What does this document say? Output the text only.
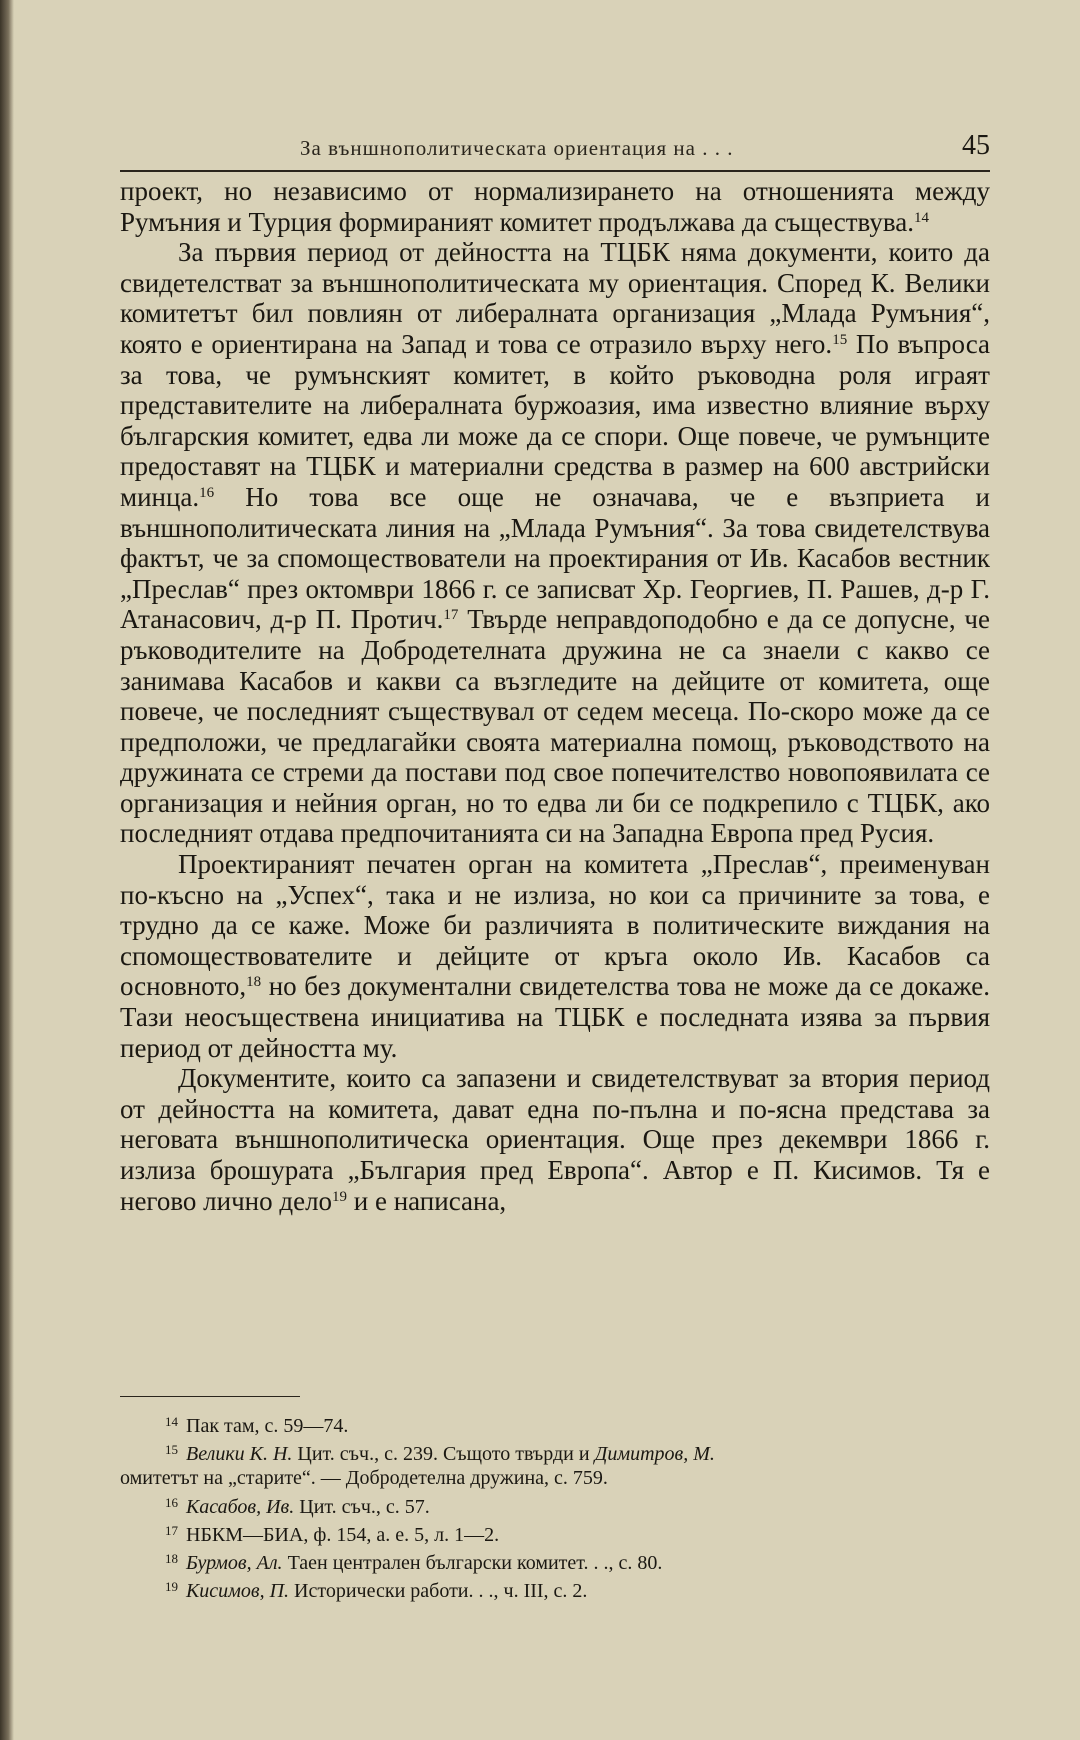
За външнополитическата ориентация на . . .	45

проект, но независимо от нормализирането на отношенията между Румъния и Турция формираният комитет продължава да съществува.$^{14}$

За първия период от дейността на ТЦБК няма документи, които да свидетелстват за външнополитическата му ориентация. Според К. Велики комитетът бил повлиян от либералната организация „Млада Румъния“, която е ориентирана на Запад и това се отразило върху него.$^{15}$ По въпроса за това, че румънският комитет, в който ръководна роля играят представителите на либералната буржоазия, има известно влияние върху българския комитет, едва ли може да се спори. Още повече, че румънците предоставят на ТЦБК и материални средства в размер на 600 австрийски минца.$^{16}$ Но това все още не означава, че е възприета и външнополитическата линия на „Млада Румъния“. За това свидетелствува фактът, че за спомоществователи на проектирания от Ив. Касабов вестник „Преслав“ през октомври 1866 г. се записват Хр. Георгиев, П. Рашев, д-р Г. Атанасович, д-р П. Протич.$^{17}$ Твърде неправдоподобно е да се допусне, че ръководителите на Добродетелната дружина не са знаели с какво се занимава Касабов и какви са възгледите на дейците от комитета, още повече, че последният съществувал от седем месеца. По-скоро може да се предположи, че предлагайки своята материална помощ, ръководството на дружината се стреми да постави под свое попечителство новопоявилата се организация и нейния орган, но то едва ли би се подкрепило с ТЦБК, ако последният отдава предпочитанията си на Западна Европа пред Русия.

Проектираният печатен орган на комитета „Преслав“, преименуван по-късно на „Успех“, така и не излиза, но кои са причините за това, е трудно да се каже. Може би различията в политическите виждания на спомоществователите и дейците от кръга около Ив. Касабов са основното,$^{18}$ но без документални свидетелства това не може да се докаже. Тази неосъществена инициатива на ТЦБК е последната изява за първия период от дейността му.

Документите, които са запазени и свидетелствуват за втория период от дейността на комитета, дават една по-пълна и по-ясна представа за неговата външнополитическа ориентация. Още през декември 1866 г. излиза брошурата „България пред Европа“. Автор е П. Кисимов. Тя е негово лично дело$^{19}$ и е написана,

14 Пак там, с. 59—74.
15 Велики К. Н. Цит. съч., с. 239. Същото твърди и Димитров, М.
омитетът на „старите“. — Добродетелна дружина, с. 759.
16 Касабов, Ив. Цит. съч., с. 57.
17 НБКМ—БИА, ф. 154, а. е. 5, л. 1—2.
18 Бурмов, Ал. Таен централен български комитет. . ., с. 80.
19 Кисимов, П. Исторически работи. . ., ч. III, с. 2.
